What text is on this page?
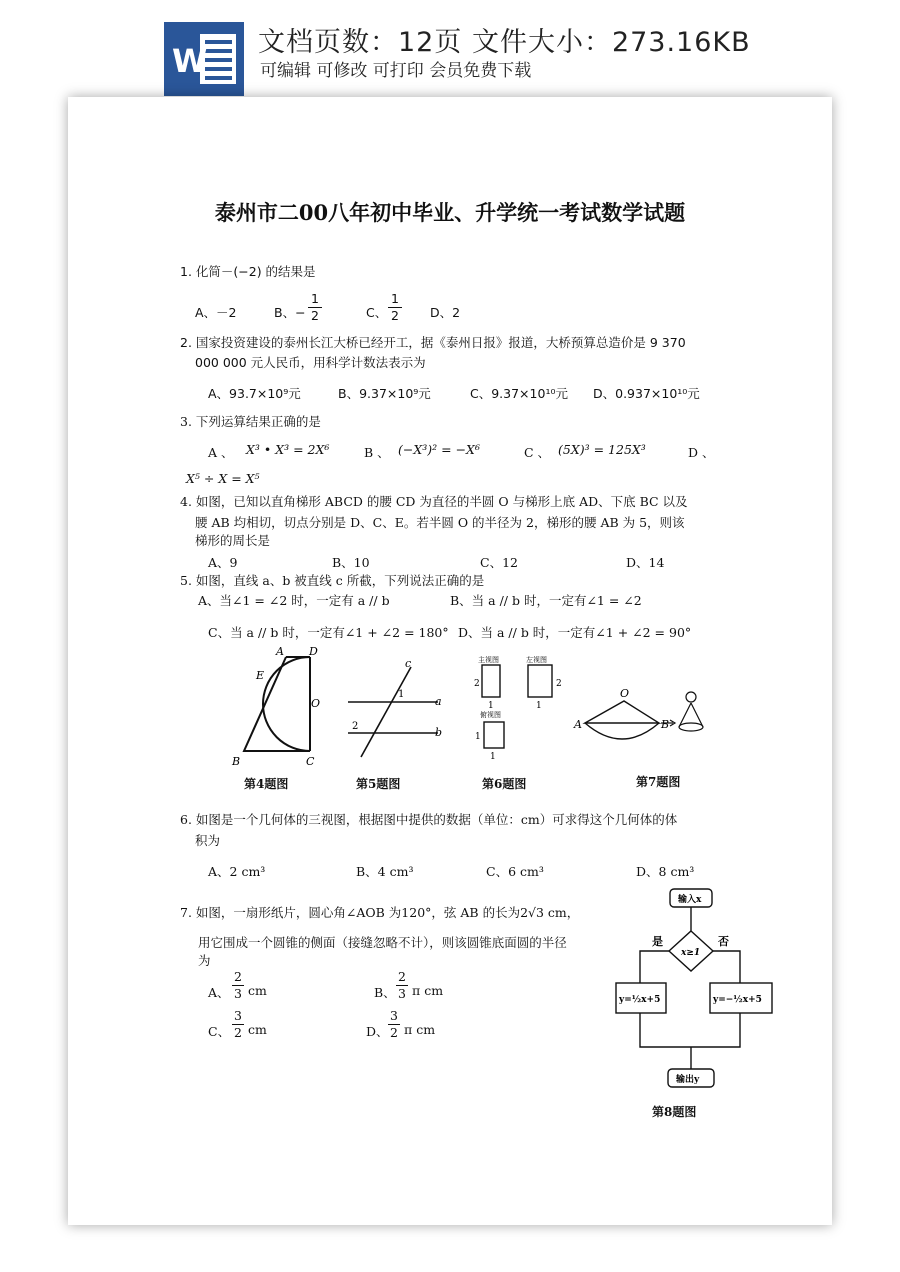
W 文档页数：12页 文件大小：273.16KB
可编辑 可修改 可打印 会员免费下载
泰州市二00八年初中毕业、升学统一考试数学试题
1. 化简－(−2) 的结果是
A、－2	B、− $\frac{1}{2}$	C、 $\frac{1}{2}$ D、2
2. 国家投资建设的泰州长江大桥已经开工，据《泰州日报》报道，大桥预算总造价是 9 370
000 000 元人民币，用科学计数法表示为
A、93.7×10⁹元	B、9.37×10⁹元	C、9.37×10¹⁰元 D、0.937×10¹⁰元
3. 下列运算结果正确的是
A 、 X³ • X³ = 2X⁶	B 、 (−X³)² = −X⁶	C 、 (5X)³ = 125X³	D 、
X⁵ ÷ X = X⁵
4. 如图，已知以直角梯形 ABCD 的腰 CD 为直径的半圆 O 与梯形上底 AD、下底 BC 以及
腰 AB 均相切，切点分别是 D、C、E。若半圆 O 的半径为 2，梯形的腰 AB 为 5，则该
梯形的周长是
A、9	B、10	C、12	D、14
5. 如图，直线 a、b 被直线 c 所截，下列说法正确的是
A、当∠1 = ∠2 时，一定有 a // b	B、当 a // b 时，一定有∠1 = ∠2
C、当 a // b 时，一定有∠1 + ∠2 = 180° D、当 a // b 时，一定有∠1 + ∠2 = 90°
A D
E
O
B	C
第4题图
c
1
a
2	b
第5题图
主视图
2
1
左视图
2
1
俯视图
1
1
第6题图
O
A	B
第7题图
6. 如图是一个几何体的三视图，根据图中提供的数据（单位：cm）可求得这个几何体的体
积为
A、2 cm³	B、4 cm³	C、6 cm³	D、8 cm³
7. 如图，一扇形纸片，圆心角∠AOB 为120°，弦 AB 的长为2√3 cm，
用它围成一个圆锥的侧面（接缝忽略不计），则该圆锥底面圆的半径
为
A、 $\frac{2}{3}$ cm	B、 $\frac{2}{3}$ π cm
C、 $\frac{3}{2}$ cm	D、 $\frac{3}{2}$ π cm
输入x
x≥1
是	否
y=½x+5	y=−½x+5
输出y
第8题图
